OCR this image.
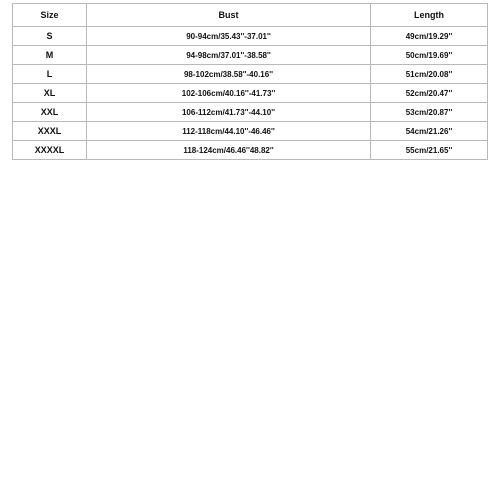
Size	Bust	Length
S	90-94cm/35.43''-37.01''	49cm/19.29''
M	94-98cm/37.01''-38.58''	50cm/19.69''
L	98-102cm/38.58''-40.16''	51cm/20.08''
XL	102-106cm/40.16''-41.73''	52cm/20.47''
XXL	106-112cm/41.73''-44.10''	53cm/20.87''
XXXL	112-118cm/44.10''-46.46''	54cm/21.26''
XXXXL	118-124cm/46.46''48.82''	55cm/21.65''
